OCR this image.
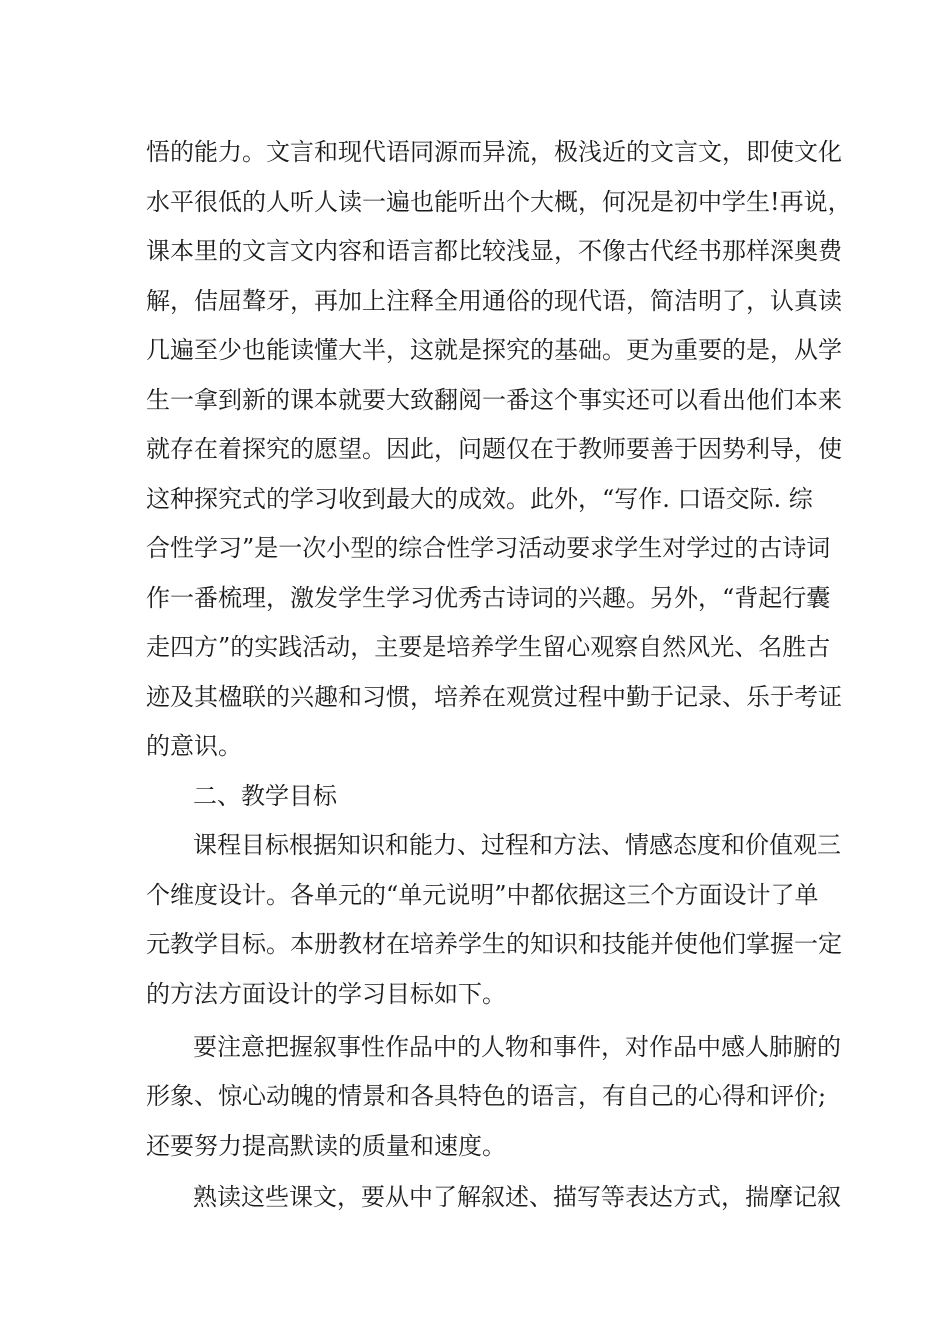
悟的能力。文言和现代语同源而异流，极浅近的文言文，即使文化
水平很低的人听人读一遍也能听出个大概，何况是初中学生!再说，
课本里的文言文内容和语言都比较浅显，不像古代经书那样深奥费
解，佶屈聱牙，再加上注释全用通俗的现代语，简洁明了，认真读
几遍至少也能读懂大半，这就是探究的基础。更为重要的是，从学
生一拿到新的课本就要大致翻阅一番这个事实还可以看出他们本来
就存在着探究的愿望。因此，问题仅在于教师要善于因势利导，使
这种探究式的学习收到最大的成效。此外，“写作. 口语交际. 综
合性学习”是一次小型的综合性学习活动要求学生对学过的古诗词
作一番梳理，激发学生学习优秀古诗词的兴趣。另外，“背起行囊
走四方”的实践活动，主要是培养学生留心观察自然风光、名胜古
迹及其楹联的兴趣和习惯，培养在观赏过程中勤于记录、乐于考证
的意识。
二、教学目标
课程目标根据知识和能力、过程和方法、情感态度和价值观三
个维度设计。各单元的“单元说明”中都依据这三个方面设计了单
元教学目标。本册教材在培养学生的知识和技能并使他们掌握一定
的方法方面设计的学习目标如下。
要注意把握叙事性作品中的人物和事件，对作品中感人肺腑的
形象、惊心动魄的情景和各具特色的语言，有自己的心得和评价;
还要努力提高默读的质量和速度。
熟读这些课文，要从中了解叙述、描写等表达方式，揣摩记叙
